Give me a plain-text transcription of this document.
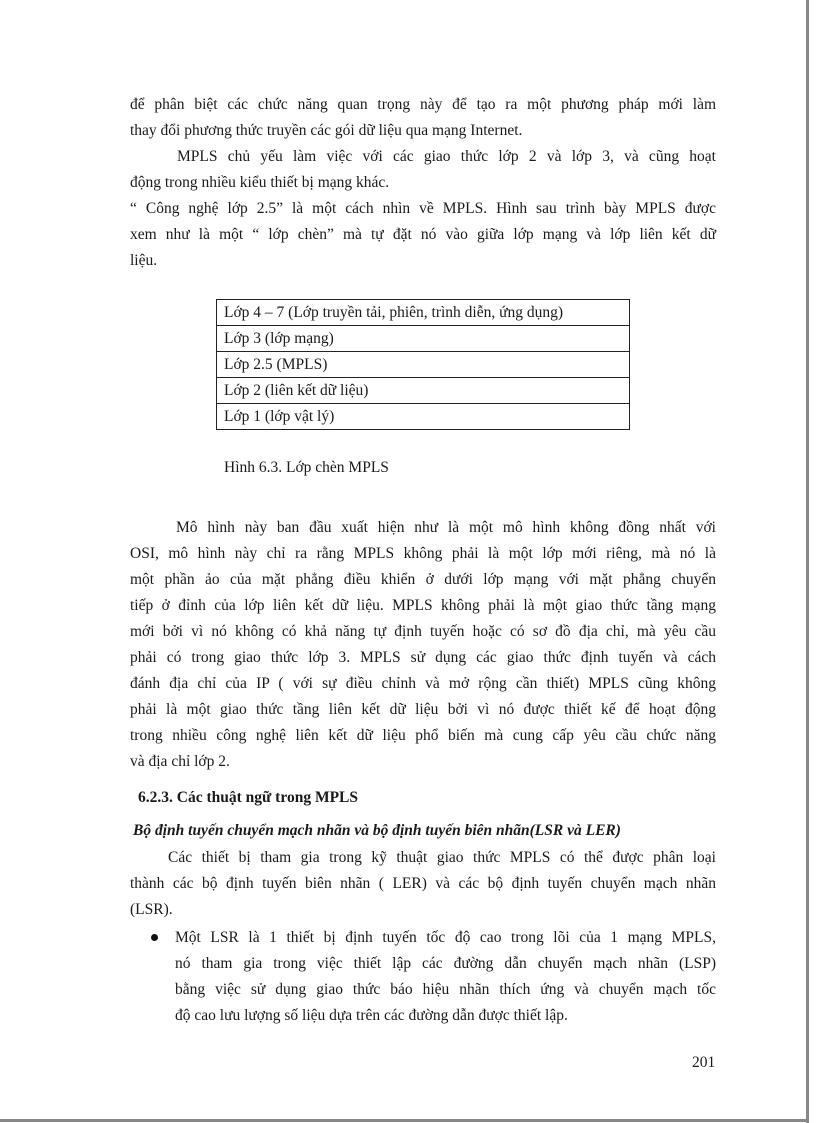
để phân biệt các chức năng quan trọng này để tạo ra một phương pháp mới làm
thay đổi phương thức truyền các gói dữ liệu qua mạng Internet.
MPLS chủ yếu làm việc với các giao thức lớp 2 và lớp 3, và cũng hoạt
động trong nhiều kiểu thiết bị mạng khác.
“ Công nghệ lớp 2.5” là một cách nhìn về MPLS. Hình sau trình bày MPLS được
xem như là một “ lớp chèn” mà tự đặt nó vào giữa lớp mạng và lớp liên kết dữ
liệu.
Lớp 4 – 7 (Lớp truyền tải, phiên, trình diễn, ứng dụng)
Lớp 3 (lớp mạng)
Lớp 2.5 (MPLS)
Lớp 2 (liên kết dữ liệu)
Lớp 1 (lớp vật lý)
Hình 6.3. Lớp chèn MPLS
Mô hình này ban đầu xuất hiện như là một mô hình không đồng nhất với
OSI, mô hình này chỉ ra rằng MPLS không phải là một lớp mới riêng, mà nó là
một phần ảo của mặt phẳng điều khiển ở dưới lớp mạng với mặt phẳng chuyển
tiếp ở đỉnh của lớp liên kết dữ liệu. MPLS không phải là một giao thức tầng mạng
mới bởi vì nó không có khả năng tự định tuyến hoặc có sơ đồ địa chỉ, mà yêu cầu
phải có trong giao thức lớp 3. MPLS sử dụng các giao thức định tuyến và cách
đánh địa chỉ của IP ( với sự điều chỉnh và mở rộng cần thiết) MPLS cũng không
phải là một giao thức tầng liên kết dữ liệu bởi vì nó được thiết kế để hoạt động
trong nhiều công nghệ liên kết dữ liệu phổ biến mà cung cấp yêu cầu chức năng
và địa chỉ lớp 2.
6.2.3. Các thuật ngữ trong MPLS
Bộ định tuyến chuyển mạch nhãn và bộ định tuyến biên nhãn(LSR và LER)
Các thiết bị tham gia trong kỹ thuật giao thức MPLS có thể được phân loại
thành các bộ định tuyến biên nhãn ( LER) và các bộ định tuyến chuyển mạch nhãn
(LSR).
Một LSR là 1 thiết bị định tuyến tốc độ cao trong lõi của 1 mạng MPLS,
nó tham gia trong việc thiết lập các đường dẫn chuyển mạch nhãn (LSP)
bằng việc sử dụng giao thức báo hiệu nhãn thích ứng và chuyển mạch tốc
độ cao lưu lượng số liệu dựa trên các đường dẫn được thiết lập.
201
